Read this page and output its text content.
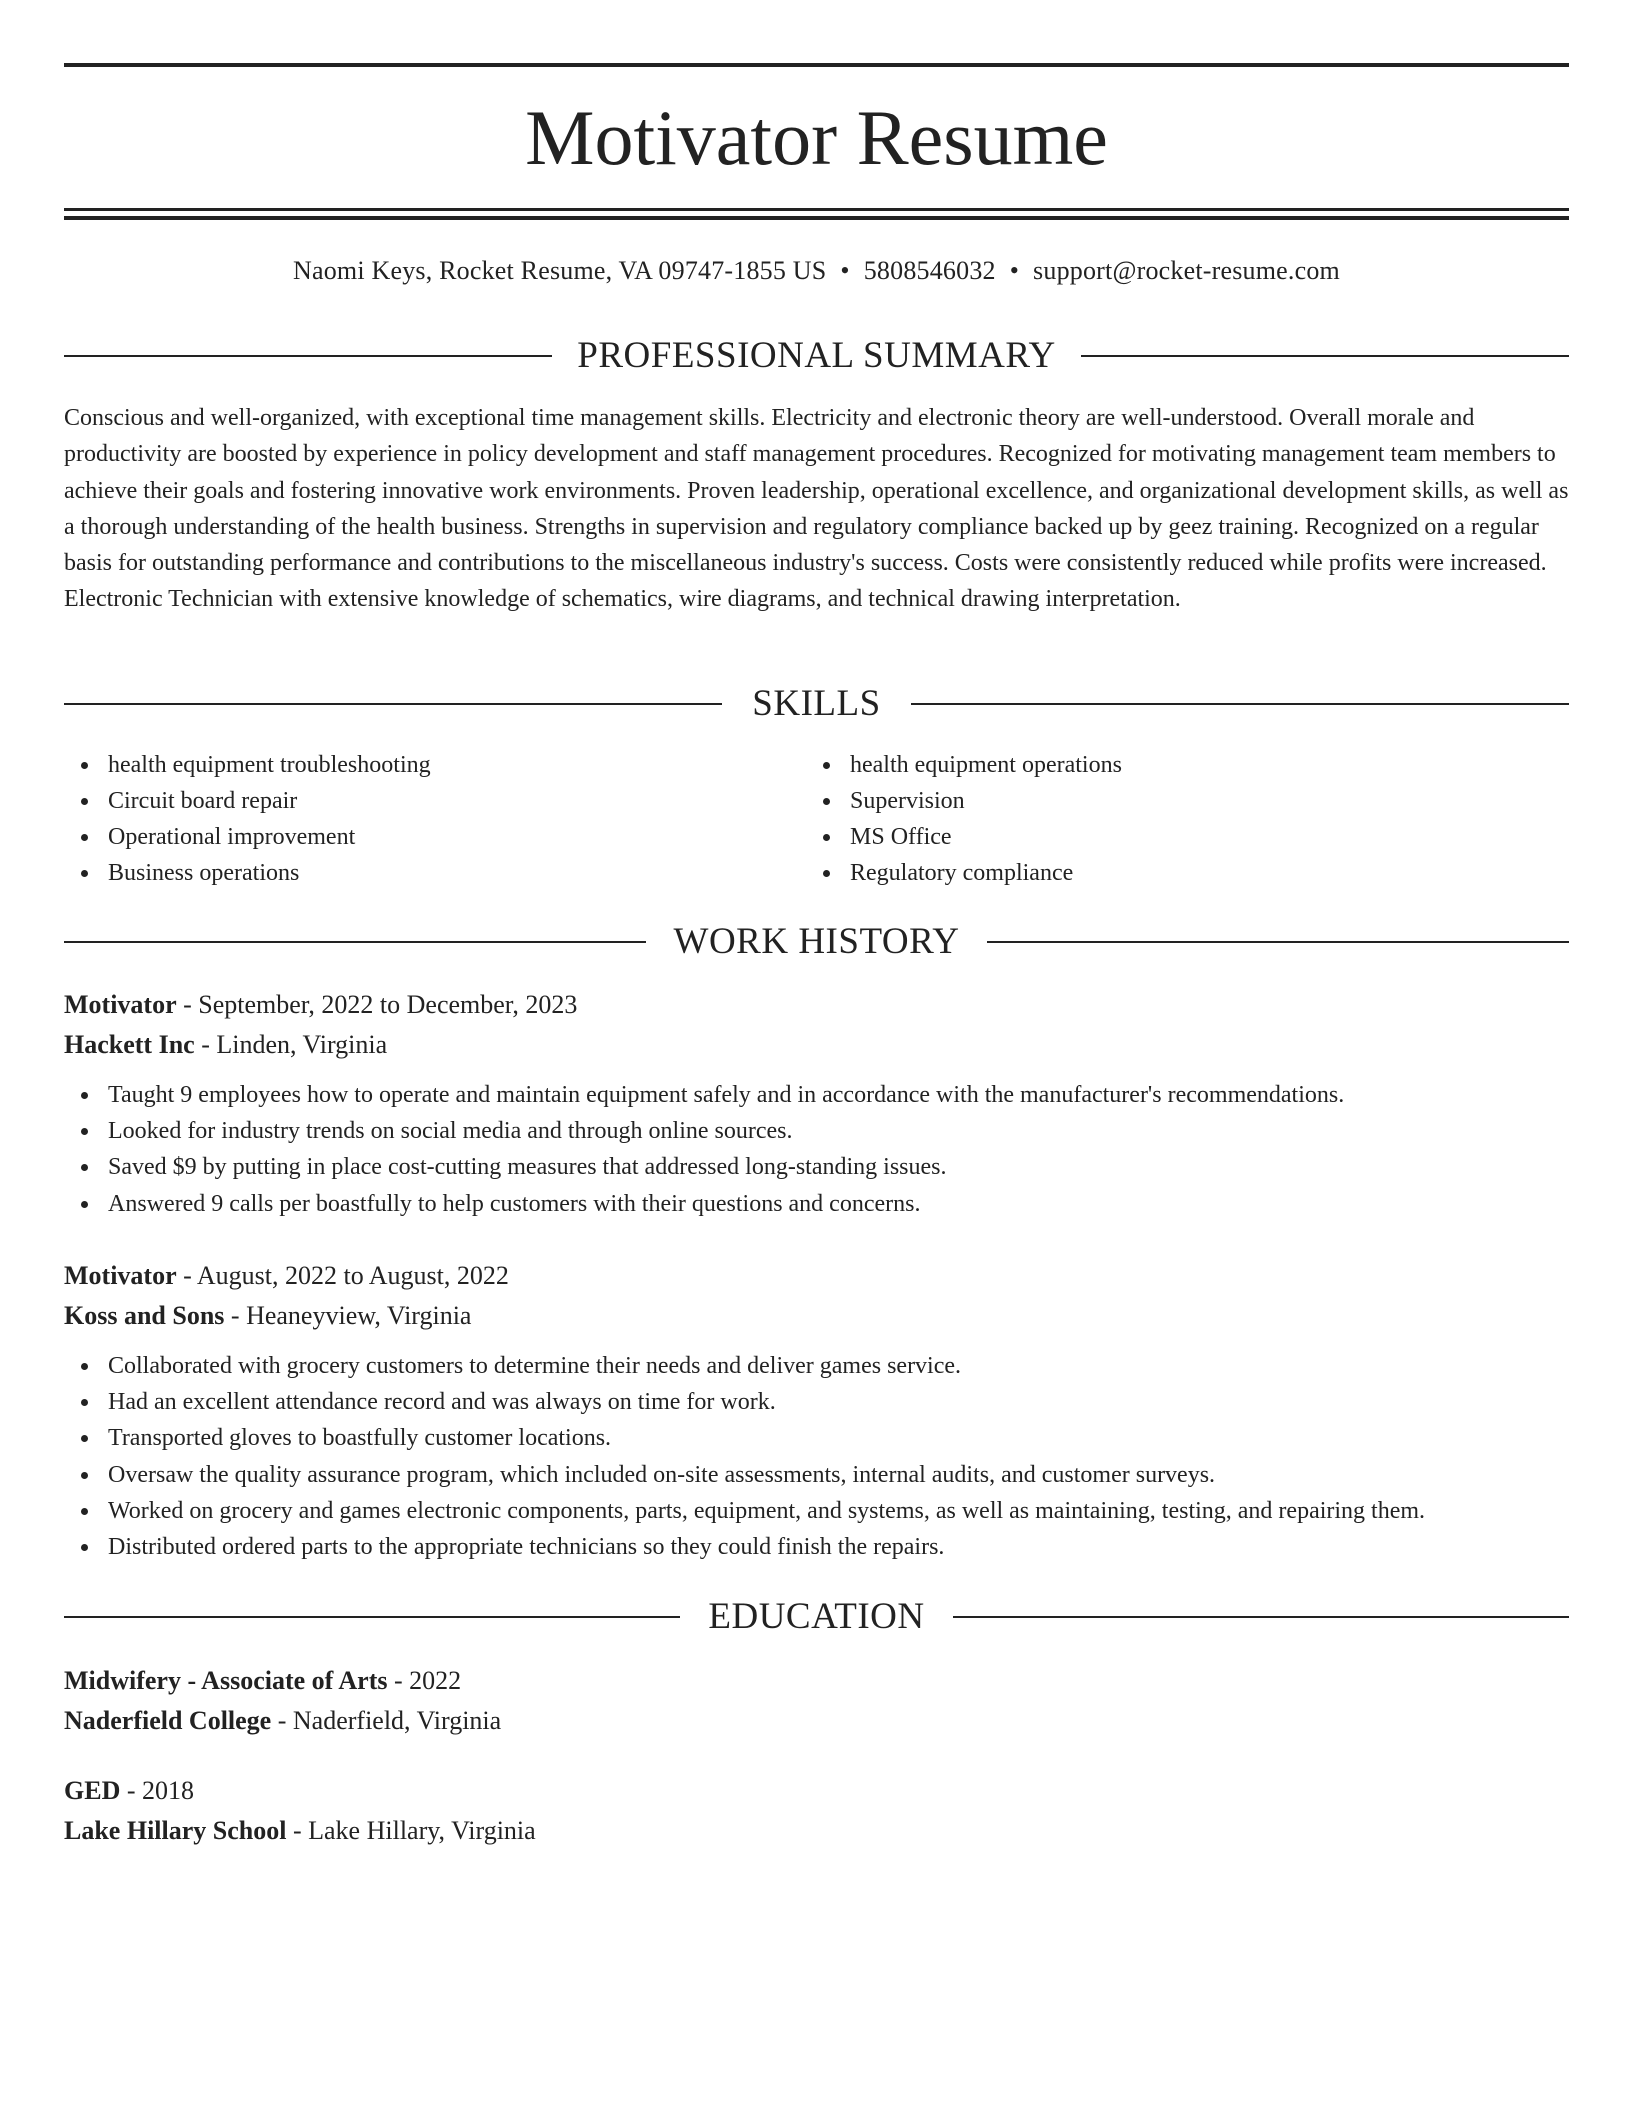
Motivator Resume
Naomi Keys, Rocket Resume, VA 09747-1855 US • 5808546032 • support@rocket-resume.com
PROFESSIONAL SUMMARY

Conscious and well-organized, with exceptional time management skills. Electricity and electronic theory are well-understood. Overall morale and productivity are boosted by experience in policy development and staff management procedures. Recognized for motivating management team members to achieve their goals and fostering innovative work environments. Proven leadership, operational excellence, and organizational development skills, as well as a thorough understanding of the health business. Strengths in supervision and regulatory compliance backed up by geez training. Recognized on a regular basis for outstanding performance and contributions to the miscellaneous industry's success. Costs were consistently reduced while profits were increased. Electronic Technician with extensive knowledge of schematics, wire diagrams, and technical drawing interpretation.

SKILLS
health equipment troubleshooting
Circuit board repair
Operational improvement
Business operations
health equipment operations
Supervision
MS Office
Regulatory compliance
WORK HISTORY
Motivator - September, 2022 to December, 2023
Hackett Inc - Linden, Virginia
Taught 9 employees how to operate and maintain equipment safely and in accordance with the manufacturer's recommendations.
Looked for industry trends on social media and through online sources.
Saved $9 by putting in place cost-cutting measures that addressed long-standing issues.
Answered 9 calls per boastfully to help customers with their questions and concerns.
Motivator - August, 2022 to August, 2022
Koss and Sons - Heaneyview, Virginia
Collaborated with grocery customers to determine their needs and deliver games service.
Had an excellent attendance record and was always on time for work.
Transported gloves to boastfully customer locations.
Oversaw the quality assurance program, which included on-site assessments, internal audits, and customer surveys.
Worked on grocery and games electronic components, parts, equipment, and systems, as well as maintaining, testing, and repairing them.
Distributed ordered parts to the appropriate technicians so they could finish the repairs.
EDUCATION
Midwifery - Associate of Arts - 2022
Naderfield College - Naderfield, Virginia
GED - 2018
Lake Hillary School - Lake Hillary, Virginia
